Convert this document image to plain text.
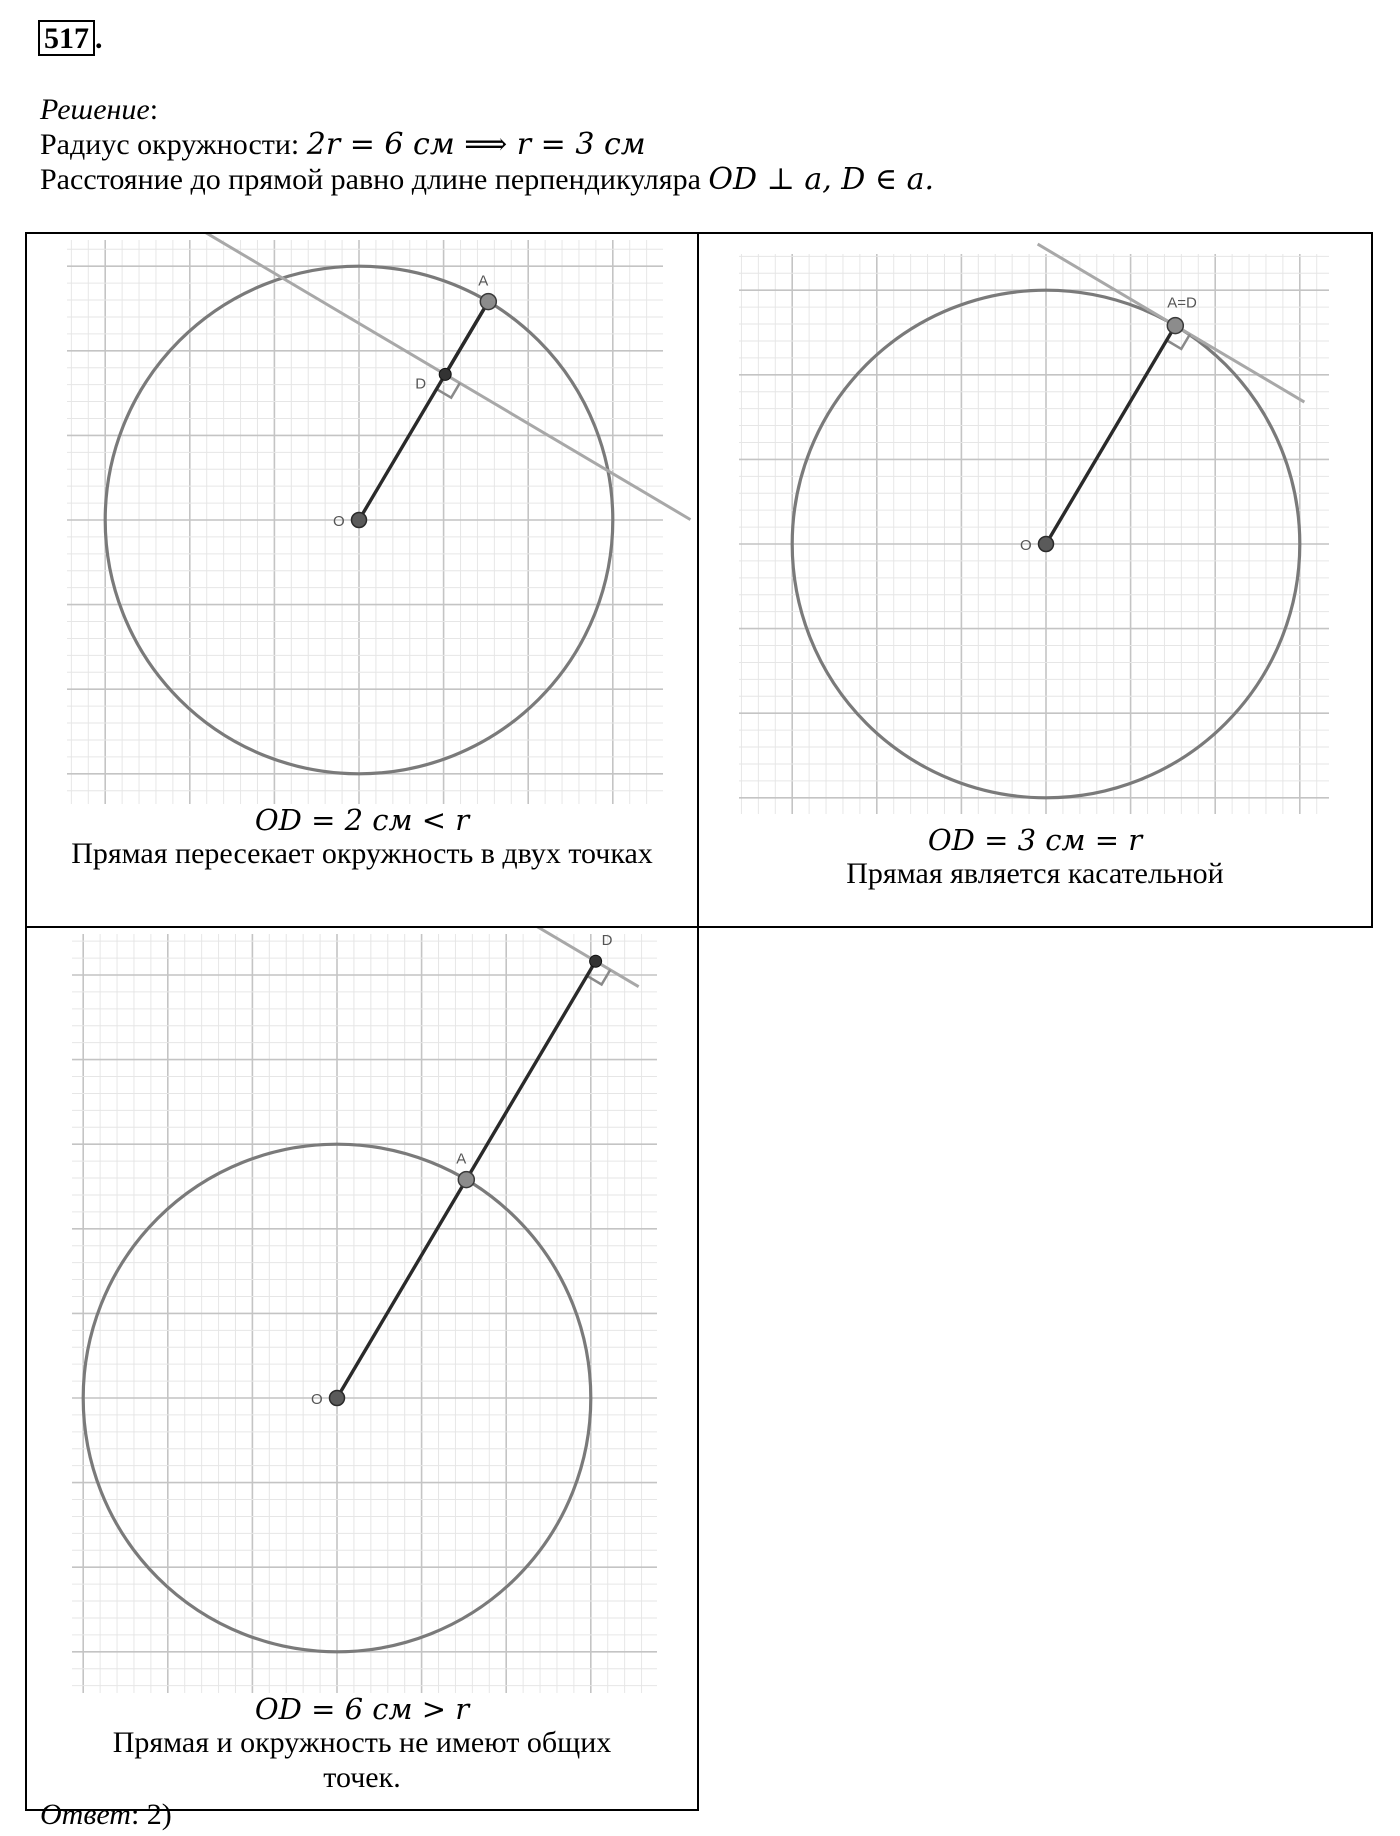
517 .
Решение:
Радиус окружности: 2r = 6 см ⟹ r = 3 см
Расстояние до прямой равно длине перпендикуляра OD ⊥ a, D ∈ a.
O
A
D
OD = 2 см < r
Прямая пересекает окружность в двух точках
O
A=D
OD = 3 см = r
Прямая является касательной
O
A
D
OD = 6 см > r
Прямая и окружность не имеют общих точек.
Ответ: 2)
